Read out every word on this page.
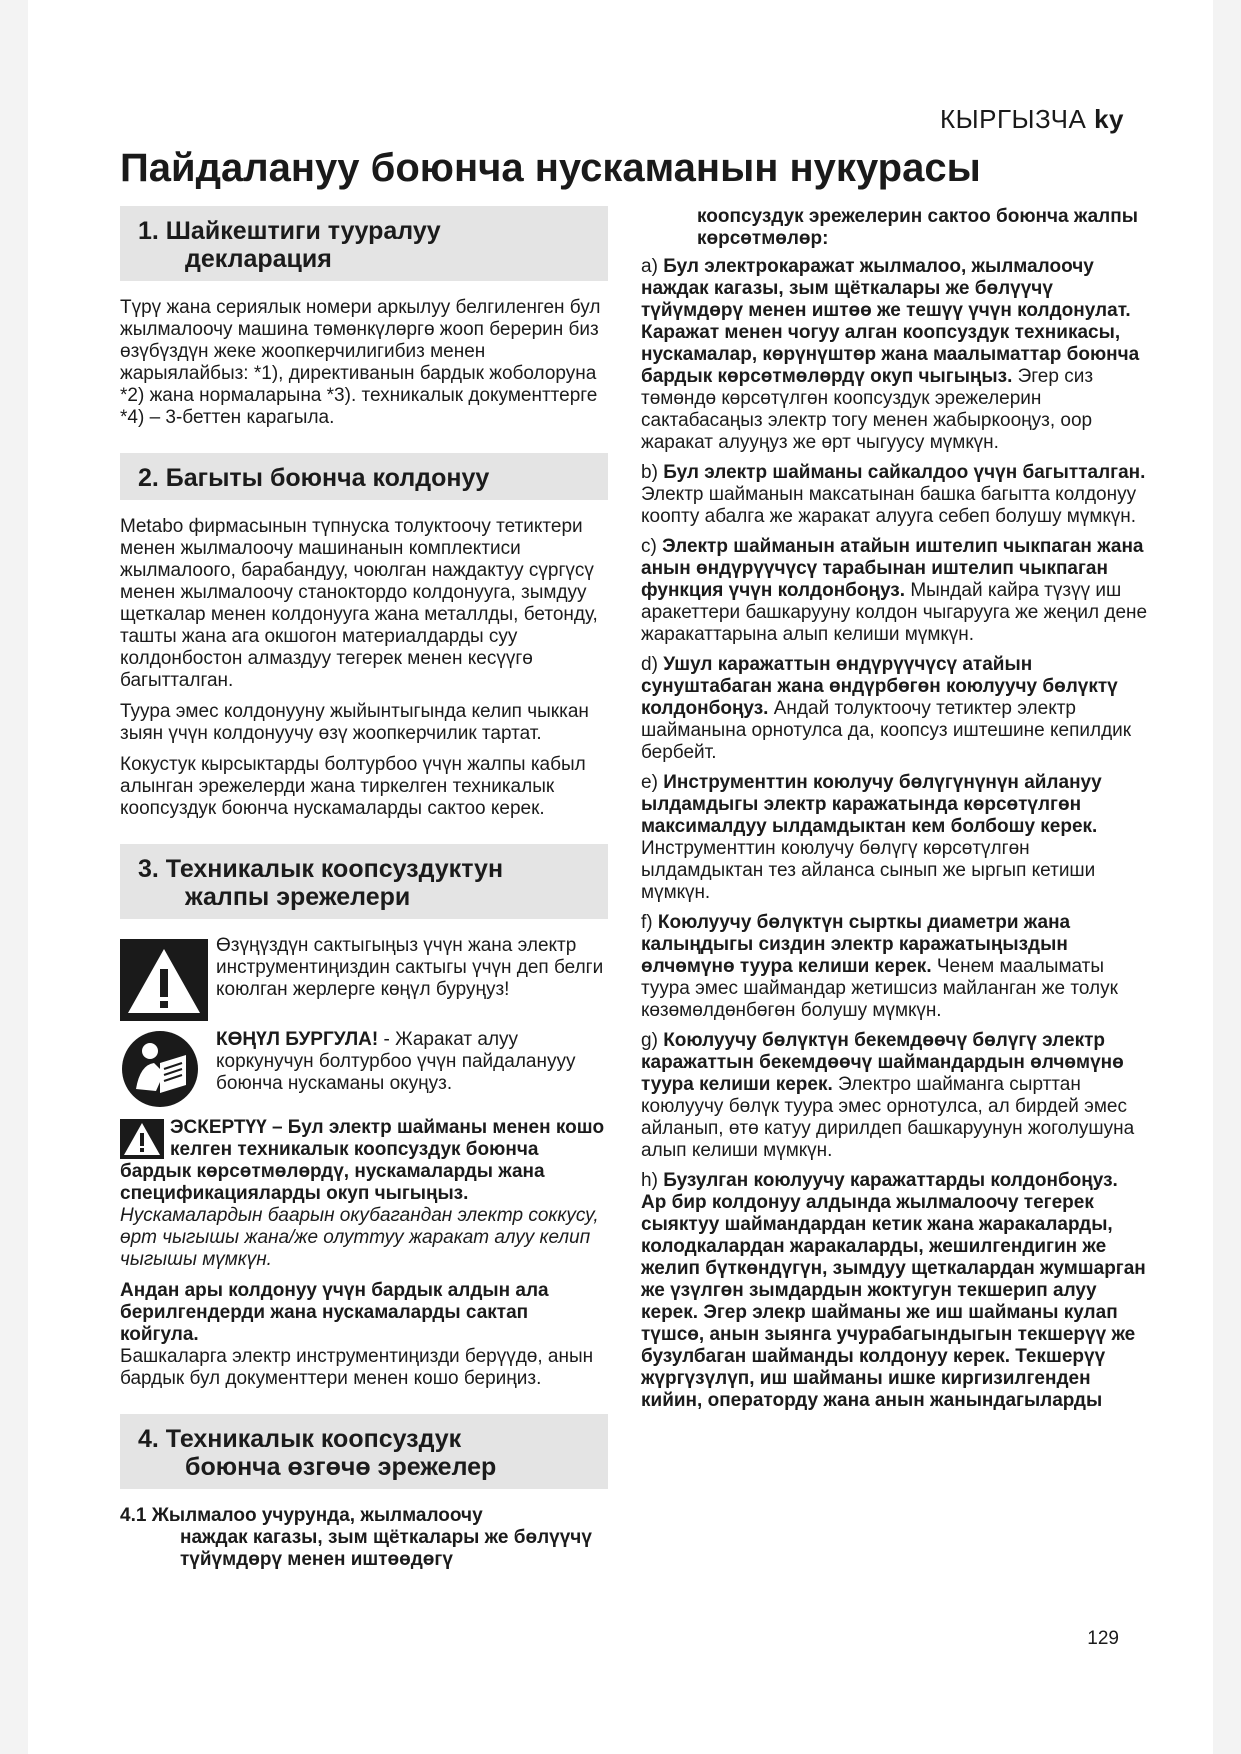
КЫРГЫЗЧА ky
Пайдалануу боюнча нускаманын нукурасы
1. Шайкештиги тууралуу
декларация

Түрү жана сериялык номери аркылуу белгиленген бул жылмалоочу машина төмөнкүлөргө жооп берерин биз өзүбүздүн жеке жоопкерчилигибиз менен жарыялайбыз: *1), директиванын бардык жоболоруна *2) жана нормаларына *3). техникалык документтерге *4) – 3-беттен карагыла.

2. Багыты боюнча колдонуу

Metabo фирмасынын түпнуска толуктоочу тетиктери менен жылмалоочу машинанын комплектиси жылмалоого, барабандуу, чоюлган наждактуу сүргүсү менен жылмалоочу станоктордо колдонууга, зымдуу щеткалар менен колдонууга жана металлды, бетонду, ташты жана ага окшогон материалдарды суу колдонбостон алмаздуу тегерек менен кесүүгө багытталган.

Туура эмес колдонууну жыйынтыгында келип чыккан зыян үчүн колдонуучу өзү жоопкерчилик тартат.

Кокустук кырсыктарды болтурбоо үчүн жалпы кабыл алынган эрежелерди жана тиркелген техникалык коопсуздук боюнча нускамаларды сактоо керек.

3. Техникалык коопсуздуктун
жалпы эрежелери

Өзүңүздүн сактыгыңыз үчүн жана электр инструментиңиздин сактыгы үчүн деп белги коюлган жерлерге көңүл буруңуз!

КӨҢҮЛ БУРГУЛА! - Жаракат алуу коркунучун болтурбоо үчүн пайдаланууу боюнча нускаманы окуңуз.

ЭСКЕРТҮҮ – Бул электр шайманы менен кошо келген техникалык коопсуздук боюнча бардык көрсөтмөлөрдү, нускамаларды жана спецификацияларды окуп чыгыңыз. Нускамалардын баарын окубагандан электр соккусу, өрт чыгышы жана/же олуттуу жаракат алуу келип чыгышы мүмкүн.

Андан ары колдонуу үчүн бардык алдын ала берилгендерди жана нускамаларды сактап койгула.

Башкаларга электр инструментиңизди берүүдө, анын бардык бул документтери менен кошо бериңиз.

4. Техникалык коопсуздук
боюнча өзгөчө эрежелер

4.1 Жылмалоо учурунда, жылмалоочу
наждак кагазы, зым щёткалары же бөлүүчү түйүмдөрү менен иштөөдөгү

коопсуздук эрежелерин сактоо боюнча жалпы көрсөтмөлөр:

a) Бул электрокаражат жылмалоо, жылмалоочу наждак кагазы, зым щёткалары же бөлүүчү түйүмдөрү менен иштөө же тешүү үчүн колдонулат. Каражат менен чогуу алган коопсуздук техникасы, нускамалар, көрүнүштөр жана маалыматтар боюнча бардык көрсөтмөлөрдү окуп чыгыңыз. Эгер сиз төмөндө көрсөтүлгөн коопсуздук эрежелерин сактабасаңыз электр тогу менен жабыркооңуз, оор жаракат алууңуз же өрт чыгуусу мүмкүн.

b) Бул электр шайманы сайкалдоо үчүн багытталган. Электр шайманын максатынан башка багытта колдонуу коопту абалга же жаракат алууга себеп болушу мүмкүн.

c) Электр шайманын атайын иштелип чыкпаган жана анын өндүрүүчүсү тарабынан иштелип чыкпаган функция үчүн колдонбоңуз. Мындай кайра түзүү иш аракеттери башкарууну колдон чыгарууга же жеңил дене жаракаттарына алып келиши мүмкүн.

d) Ушул каражаттын өндүрүүчүсү атайын сунуштабаган жана өндүрбөгөн коюлуучу бөлүктү колдонбоңуз. Андай толуктоочу тетиктер электр шайманына орнотулса да, коопсуз иштешине кепилдик бербейт.

e) Инструменттин коюлучу бөлүгүнүнүн айлануу ылдамдыгы электр каражатында көрсөтүлгөн максималдуу ылдамдыктан кем болбошу керек. Инструменттин коюлучу бөлүгү көрсөтүлгөн ылдамдыктан тез айланса сынып же ыргып кетиши мүмкүн.

f) Коюлуучу бөлүктүн сырткы диаметри жана калыңдыгы сиздин электр каражатыңыздын өлчөмүнө туура келиши керек. Ченем маалыматы туура эмес шаймандар жетишсиз майланган же толук көзөмөлдөнбөгөн болушу мүмкүн.

g) Коюлуучу бөлүктүн бекемдөөчү бөлүгү электр каражаттын бекемдөөчү шаймандардын өлчөмүнө туура келиши керек. Электро шайманга сырттан коюлуучу бөлүк туура эмес орнотулса, ал бирдей эмес айланып, өтө катуу дирилдеп башкаруунун жоголушуна алып келиши мүмкүн.

h) Бузулган коюлуучу каражаттарды колдонбоңуз. Ар бир колдонуу алдында жылмалоочу тегерек сыяктуу шаймандардан кетик жана жаракаларды, колодкалардан жаракаларды, жешилгендигин же желип бүткөндүгүн, зымдуу щеткалардан жумшарган же үзүлгөн зымдардын жоктугун текшерип алуу керек. Эгер элекр шайманы же иш шайманы кулап түшсө, анын зыянга учурабагындыгын текшерүү же бузулбаган шайманды колдонуу керек. Текшерүү жүргүзүлүп, иш шайманы ишке киргизилгенден кийин, операторду жана анын жанындагыларды

129
